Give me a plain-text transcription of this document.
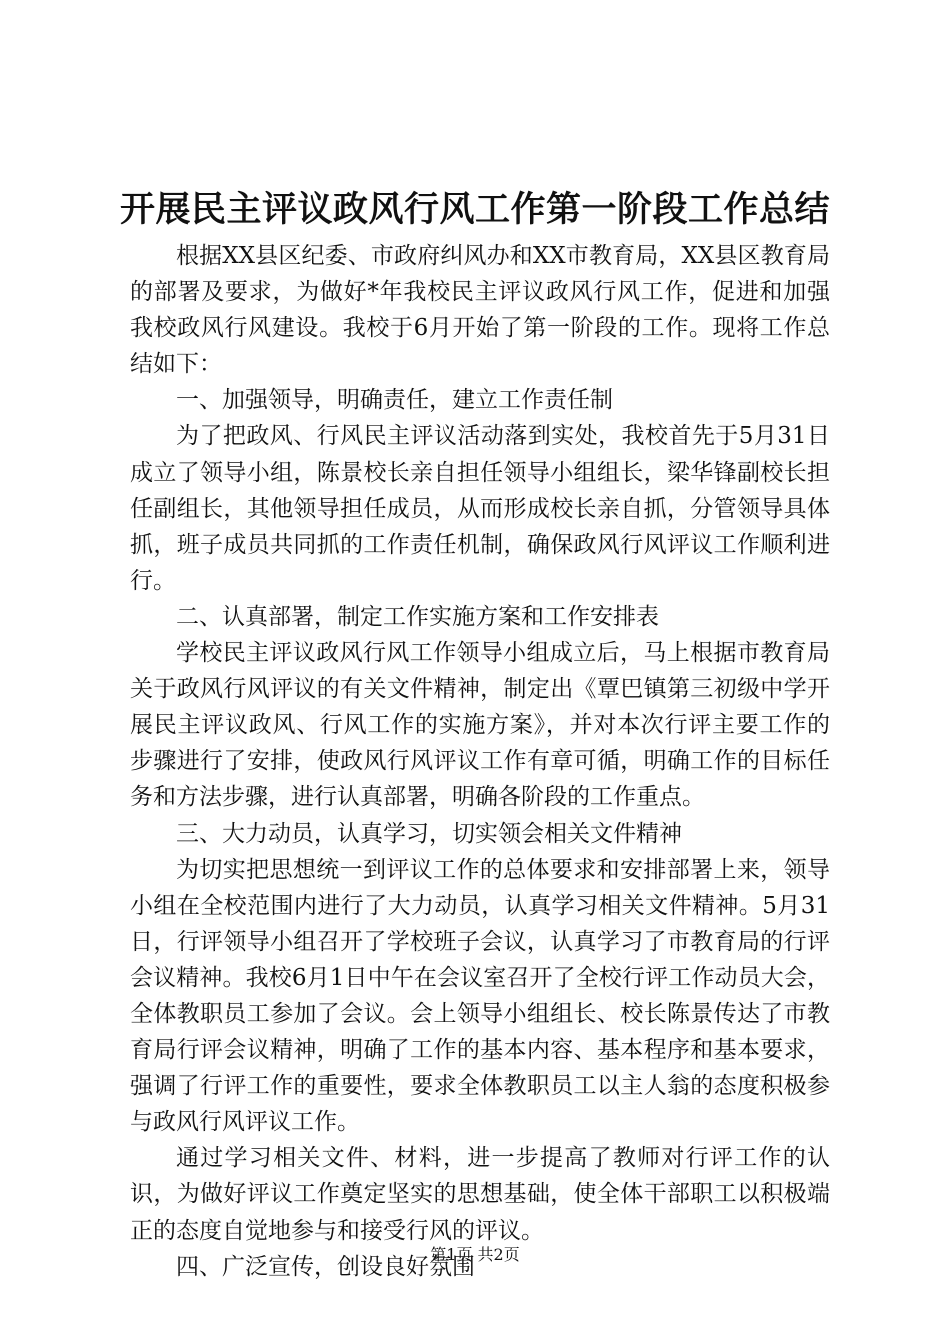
开展民主评议政风行风工作第一阶段工作总结

根据XX县区纪委、市政府纠风办和XX市教育局，XX县区教育局的部署及要求，为做好*年我校民主评议政风行风工作，促进和加强我校政风行风建设。我校于6月开始了第一阶段的工作。现将工作总结如下：

一、加强领导，明确责任，建立工作责任制

为了把政风、行风民主评议活动落到实处，我校首先于5月31日成立了领导小组，陈景校长亲自担任领导小组组长，梁华锋副校长担任副组长，其他领导担任成员，从而形成校长亲自抓，分管领导具体抓，班子成员共同抓的工作责任机制，确保政风行风评议工作顺利进行。

二、认真部署，制定工作实施方案和工作安排表

学校民主评议政风行风工作领导小组成立后，马上根据市教育局关于政风行风评议的有关文件精神，制定出《覃巴镇第三初级中学开展民主评议政风、行风工作的实施方案》，并对本次行评主要工作的步骤进行了安排，使政风行风评议工作有章可循，明确工作的目标任务和方法步骤，进行认真部署，明确各阶段的工作重点。

三、大力动员，认真学习，切实领会相关文件精神

为切实把思想统一到评议工作的总体要求和安排部署上来，领导小组在全校范围内进行了大力动员，认真学习相关文件精神。5月31日，行评领导小组召开了学校班子会议，认真学习了市教育局的行评会议精神。我校6月1日中午在会议室召开了全校行评工作动员大会，全体教职员工参加了会议。会上领导小组组长、校长陈景传达了市教育局行评会议精神，明确了工作的基本内容、基本程序和基本要求，强调了行评工作的重要性，要求全体教职员工以主人翁的态度积极参与政风行风评议工作。

通过学习相关文件、材料，进一步提高了教师对行评工作的认识，为做好评议工作奠定坚实的思想基础，使全体干部职工以积极端正的态度自觉地参与和接受行风的评议。

四、广泛宣传，创设良好氛围

第1页 共2页
